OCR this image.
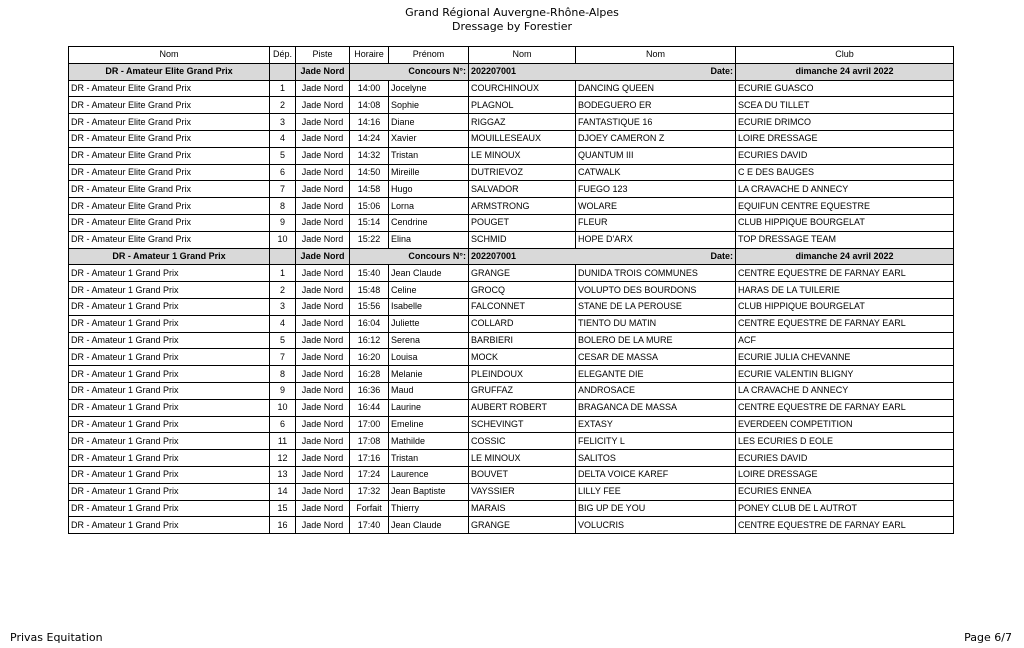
Grand Régional Auvergne-Rhône-Alpes
Dressage by Forestier
Nom	Dép.	Piste	Horaire	Prénom	Nom	Nom	Club
DR - Amateur Elite Grand Prix		Jade Nord	Concours N°:		202207001	Date:	dimanche 24 avril 2022
DR - Amateur Elite Grand Prix	1	Jade Nord	14:00	Jocelyne	COURCHINOUX	DANCING QUEEN	ECURIE GUASCO
DR - Amateur Elite Grand Prix	2	Jade Nord	14:08	Sophie	PLAGNOL	BODEGUERO ER	SCEA DU TILLET
DR - Amateur Elite Grand Prix	3	Jade Nord	14:16	Diane	RIGGAZ	FANTASTIQUE 16	ECURIE DRIMCO
DR - Amateur Elite Grand Prix	4	Jade Nord	14:24	Xavier	MOUILLESEAUX	DJOEY CAMERON Z	LOIRE DRESSAGE
DR - Amateur Elite Grand Prix	5	Jade Nord	14:32	Tristan	LE MINOUX	QUANTUM III	ECURIES DAVID
DR - Amateur Elite Grand Prix	6	Jade Nord	14:50	Mireille	DUTRIEVOZ	CATWALK	C E DES BAUGES
DR - Amateur Elite Grand Prix	7	Jade Nord	14:58	Hugo	SALVADOR	FUEGO 123	LA CRAVACHE D ANNECY
DR - Amateur Elite Grand Prix	8	Jade Nord	15:06	Lorna	ARMSTRONG	WOLARE	EQUIFUN CENTRE EQUESTRE
DR - Amateur Elite Grand Prix	9	Jade Nord	15:14	Cendrine	POUGET	FLEUR	CLUB HIPPIQUE BOURGELAT
DR - Amateur Elite Grand Prix	10	Jade Nord	15:22	Elina	SCHMID	HOPE D'ARX	TOP DRESSAGE TEAM
DR - Amateur 1 Grand Prix		Jade Nord	Concours N°:		202207001	Date:	dimanche 24 avril 2022
DR - Amateur 1 Grand Prix	1	Jade Nord	15:40	Jean Claude	GRANGE	DUNIDA TROIS COMMUNES	CENTRE EQUESTRE DE FARNAY EARL
DR - Amateur 1 Grand Prix	2	Jade Nord	15:48	Celine	GROCQ	VOLUPTO DES BOURDONS	HARAS DE LA TUILERIE
DR - Amateur 1 Grand Prix	3	Jade Nord	15:56	Isabelle	FALCONNET	STANE DE LA PEROUSE	CLUB HIPPIQUE BOURGELAT
DR - Amateur 1 Grand Prix	4	Jade Nord	16:04	Juliette	COLLARD	TIENTO DU MATIN	CENTRE EQUESTRE DE FARNAY EARL
DR - Amateur 1 Grand Prix	5	Jade Nord	16:12	Serena	BARBIERI	BOLERO DE LA MURE	ACF
DR - Amateur 1 Grand Prix	7	Jade Nord	16:20	Louisa	MOCK	CESAR DE MASSA	ECURIE JULIA CHEVANNE
DR - Amateur 1 Grand Prix	8	Jade Nord	16:28	Melanie	PLEINDOUX	ELEGANTE DIE	ECURIE VALENTIN BLIGNY
DR - Amateur 1 Grand Prix	9	Jade Nord	16:36	Maud	GRUFFAZ	ANDROSACE	LA CRAVACHE D ANNECY
DR - Amateur 1 Grand Prix	10	Jade Nord	16:44	Laurine	AUBERT ROBERT	BRAGANCA DE MASSA	CENTRE EQUESTRE DE FARNAY EARL
DR - Amateur 1 Grand Prix	6	Jade Nord	17:00	Emeline	SCHEVINGT	EXTASY	EVERDEEN COMPETITION
DR - Amateur 1 Grand Prix	11	Jade Nord	17:08	Mathilde	COSSIC	FELICITY L	LES ECURIES D EOLE
DR - Amateur 1 Grand Prix	12	Jade Nord	17:16	Tristan	LE MINOUX	SALITOS	ECURIES DAVID
DR - Amateur 1 Grand Prix	13	Jade Nord	17:24	Laurence	BOUVET	DELTA VOICE KAREF	LOIRE DRESSAGE
DR - Amateur 1 Grand Prix	14	Jade Nord	17:32	Jean Baptiste	VAYSSIER	LILLY FEE	ECURIES ENNEA
DR - Amateur 1 Grand Prix	15	Jade Nord	Forfait	Thierry	MARAIS	BIG UP DE YOU	PONEY CLUB DE L AUTROT
DR - Amateur 1 Grand Prix	16	Jade Nord	17:40	Jean Claude	GRANGE	VOLUCRIS	CENTRE EQUESTRE DE FARNAY EARL
Privas Equitation	Page 6/7
